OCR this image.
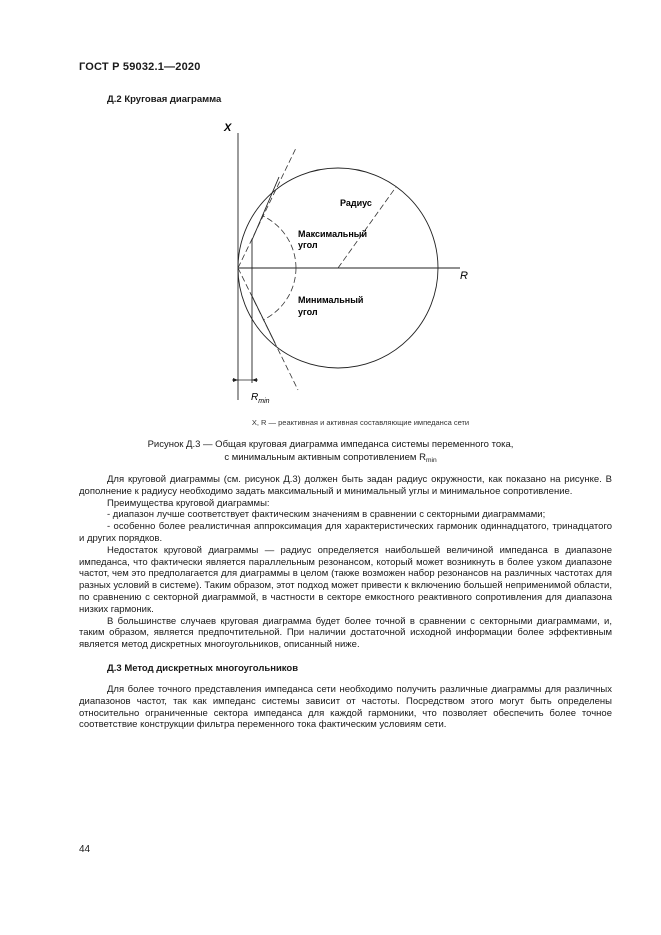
ГОСТ Р 59032.1—2020
Д.2 Круговая диаграмма
X
R
Радиус
Максимальный
угол
Минимальный
угол
$R_{min}$
X, R — реактивная и активная составляющие импеданса сети
Рисунок Д.3 — Общая круговая диаграмма импеданса системы переменного тока,
с минимальным активным сопротивлением $R_{min}$

Для круговой диаграммы (см. рисунок Д.3) должен быть задан радиус окружности, как показано на рисунке. В дополнение к радиусу необходимо задать максимальный и минимальный углы и минимальное сопротивление.

Преимущества круговой диаграммы:

- диапазон лучше соответствует фактическим значениям в сравнении с секторными диаграммами;

- особенно более реалистичная аппроксимация для характеристических гармоник одиннадцатого, тринадцатого и других порядков.

Недостаток круговой диаграммы — радиус определяется наибольшей величиной импеданса в диапазоне импеданса, что фактически является параллельным резонансом, который может возникнуть в более узком диапазоне частот, чем это предполагается для диаграммы в целом (также возможен набор резонансов на различных частотах для разных условий в системе). Таким образом, этот подход может привести к включению большей неприменимой области, по сравнению с секторной диаграммой, в частности в секторе емкостного реактивного сопротивления для диапазона низких гармоник.

В большинстве случаев круговая диаграмма будет более точной в сравнении с секторными диаграммами, и, таким образом, является предпочтительной. При наличии достаточной исходной информации более эффективным является метод дискретных многоугольников, описанный ниже.

Д.3 Метод дискретных многоугольников

Для более точного представления импеданса сети необходимо получить различные диаграммы для различных диапазонов частот, так как импеданс системы зависит от частоты. Посредством этого могут быть определены относительно ограниченные сектора импеданса для каждой гармоники, что позволяет обеспечить более точное соответствие конструкции фильтра переменного тока фактическим условиям сети.

44
